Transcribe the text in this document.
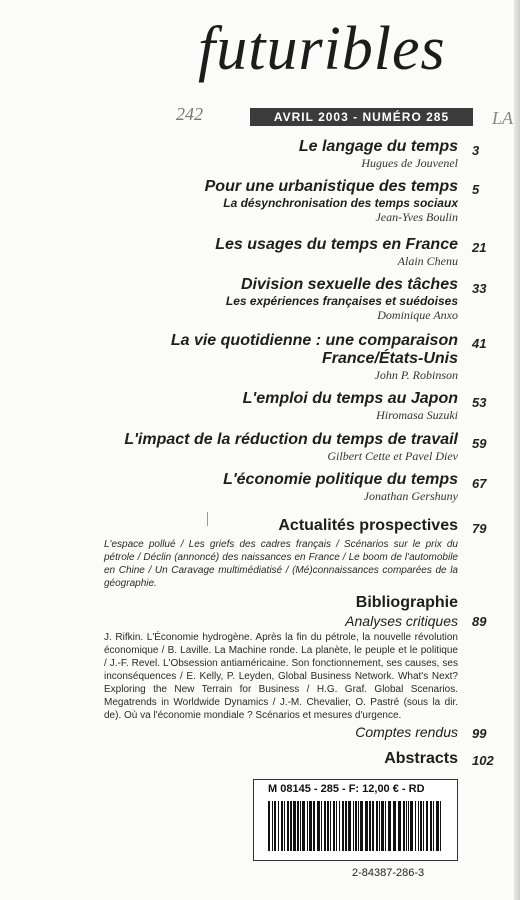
futuribles
242	AVRIL 2003 - NUMÉRO 285	LA
Le langage du temps
Hugues de Jouvenel
3
Pour une urbanistique des temps
La désynchronisation des temps sociaux
Jean-Yves Boulin
5
Les usages du temps en France
Alain Chenu
21
Division sexuelle des tâches
Les expériences françaises et suédoises
Dominique Anxo
33
La vie quotidienne : une comparaison
France/États-Unis
John P. Robinson
41
L'emploi du temps au Japon
Hiromasa Suzuki
53
L'impact de la réduction du temps de travail
Gilbert Cette et Pavel Diev
59
L'économie politique du temps
Jonathan Gershuny
67
Actualités prospectives 79
L'espace pollué / Les griefs des cadres français / Scénarios sur le prix du pétrole / Déclin (annoncé) des naissances en France / Le boom de l'automobile en Chine / Un Caravage multimédiatisé / (Mé)connaissances comparées de la géographie.
Bibliographie
Analyses critiques 89
J. Rifkin. L'Économie hydrogène. Après la fin du pétrole, la nouvelle révolution économique / B. Laville. La Machine ronde. La planète, le peuple et le politique / J.-F. Revel. L'Obsession antiaméricaine. Son fonctionnement, ses causes, ses inconséquences / E. Kelly, P. Leyden, Global Business Network. What's Next? Exploring the New Terrain for Business / H.G. Graf. Global Scenarios. Megatrends in Worldwide Dynamics / J.-M. Chevalier, O. Pastré (sous la dir. de). Où va l'économie mondiale ? Scénarios et mesures d'urgence.
Comptes rendus 99
Abstracts 102
M 08145 - 285 - F: 12,00 € - RD
2-84387-286-3
